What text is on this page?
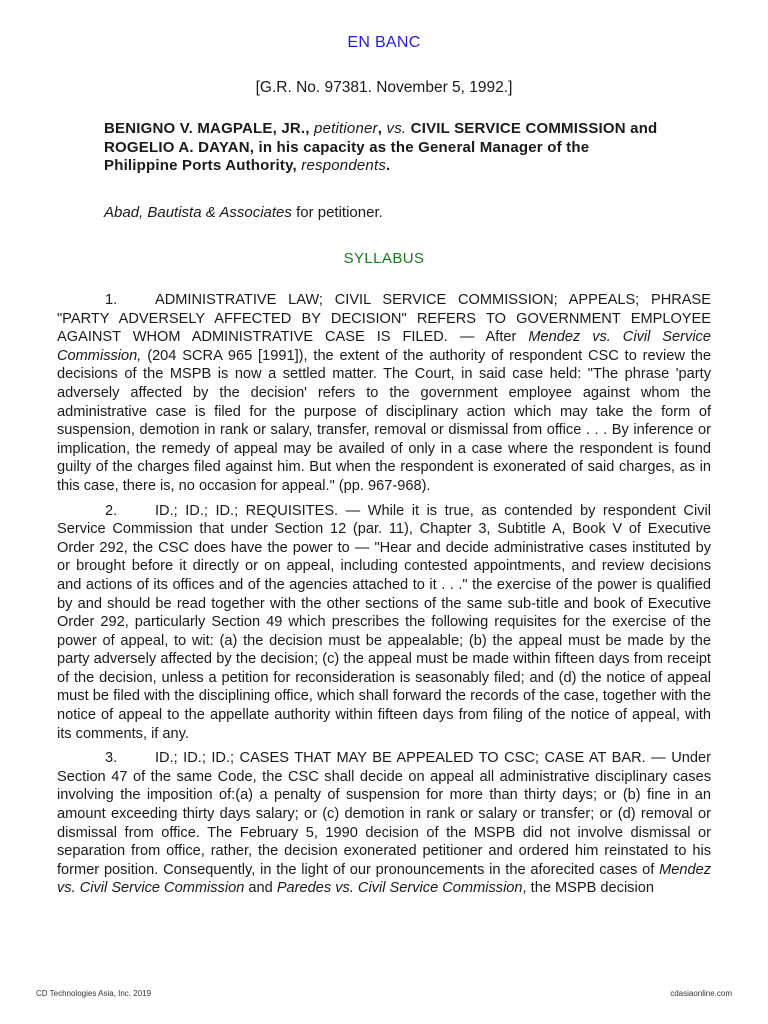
EN BANC
[G.R. No. 97381. November 5, 1992.]
BENIGNO V. MAGPALE, JR., petitioner, vs. CIVIL SERVICE COMMISSION and ROGELIO A. DAYAN, in his capacity as the General Manager of the Philippine Ports Authority, respondents.
Abad, Bautista & Associates for petitioner.
SYLLABUS

1.	ADMINISTRATIVE LAW; CIVIL SERVICE COMMISSION; APPEALS; PHRASE "PARTY ADVERSELY AFFECTED BY DECISION" REFERS TO GOVERNMENT EMPLOYEE AGAINST WHOM ADMINISTRATIVE CASE IS FILED. — After Mendez vs. Civil Service Commission, (204 SCRA 965 [1991]), the extent of the authority of respondent CSC to review the decisions of the MSPB is now a settled matter. The Court, in said case held: "The phrase 'party adversely affected by the decision' refers to the government employee against whom the administrative case is filed for the purpose of disciplinary action which may take the form of suspension, demotion in rank or salary, transfer, removal or dismissal from office . . . By inference or implication, the remedy of appeal may be availed of only in a case where the respondent is found guilty of the charges filed against him. But when the respondent is exonerated of said charges, as in this case, there is, no occasion for appeal." (pp. 967-968).

2.	ID.; ID.; ID.; REQUISITES. — While it is true, as contended by respondent Civil Service Commission that under Section 12 (par. 11), Chapter 3, Subtitle A, Book V of Executive Order 292, the CSC does have the power to — "Hear and decide administrative cases instituted by or brought before it directly or on appeal, including contested appointments, and review decisions and actions of its offices and of the agencies attached to it . . ." the exercise of the power is qualified by and should be read together with the other sections of the same sub-title and book of Executive Order 292, particularly Section 49 which prescribes the following requisites for the exercise of the power of appeal, to wit: (a) the decision must be appealable; (b) the appeal must be made by the party adversely affected by the decision; (c) the appeal must be made within fifteen days from receipt of the decision, unless a petition for reconsideration is seasonably filed; and (d) the notice of appeal must be filed with the disciplining office, which shall forward the records of the case, together with the notice of appeal to the appellate authority within fifteen days from filing of the notice of appeal, with its comments, if any.

3.	ID.; ID.; ID.; CASES THAT MAY BE APPEALED TO CSC; CASE AT BAR. — Under Section 47 of the same Code, the CSC shall decide on appeal all administrative disciplinary cases involving the imposition of:(a) a penalty of suspension for more than thirty days; or (b) fine in an amount exceeding thirty days salary; or (c) demotion in rank or salary or transfer; or (d) removal or dismissal from office. The February 5, 1990 decision of the MSPB did not involve dismissal or separation from office, rather, the decision exonerated petitioner and ordered him reinstated to his former position. Consequently, in the light of our pronouncements in the aforecited cases of Mendez vs. Civil Service Commission and Paredes vs. Civil Service Commission, the MSPB decision

CD Technologies Asia, Inc. 2019	cdasiaonline.com
